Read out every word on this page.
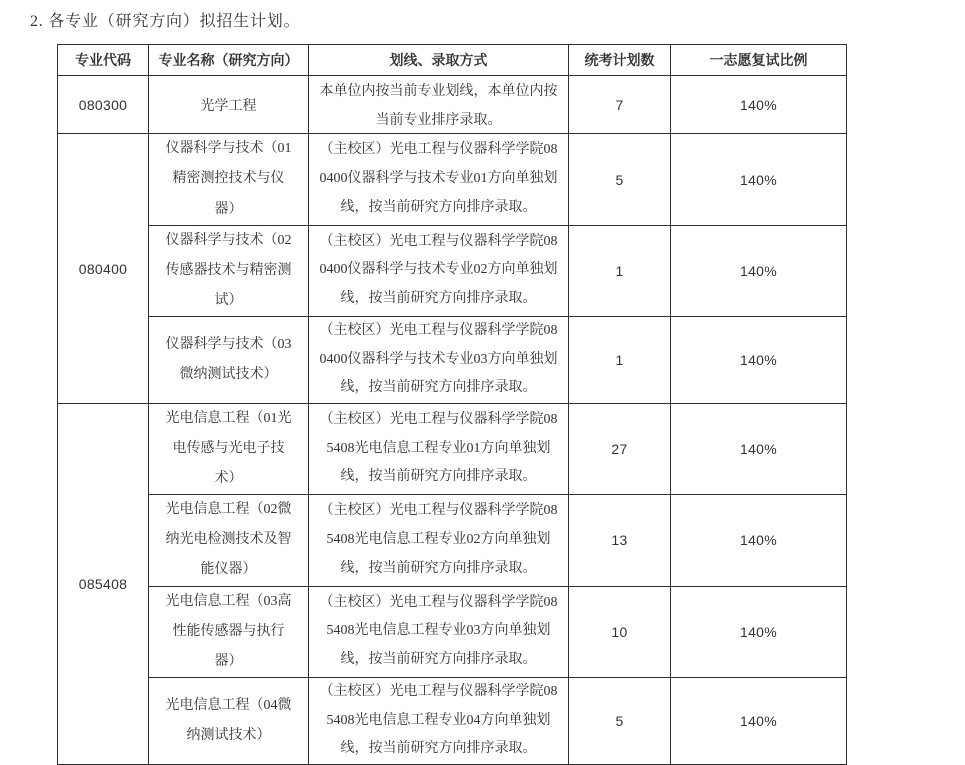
2. 各专业（研究方向）拟招生计划。
专业代码	专业名称（研究方向）	划线、录取方式	统考计划数	一志愿复试比例
080300	光学工程	本单位内按当前专业划线，本单位内按当前专业排序录取。	7	140%
080400	仪器科学与技术（01精密测控技术与仪器）	（主校区）光电工程与仪器科学学院080400仪器科学与技术专业01方向单独划线，按当前研究方向排序录取。	5	140%
	仪器科学与技术（02传感器技术与精密测试）	（主校区）光电工程与仪器科学学院080400仪器科学与技术专业02方向单独划线，按当前研究方向排序录取。	1	140%
	仪器科学与技术（03微纳测试技术）	（主校区）光电工程与仪器科学学院080400仪器科学与技术专业03方向单独划线，按当前研究方向排序录取。	1	140%
085408	光电信息工程（01光电传感与光电子技术）	（主校区）光电工程与仪器科学学院085408光电信息工程专业01方向单独划线，按当前研究方向排序录取。	27	140%
	光电信息工程（02微纳光电检测技术及智能仪器）	（主校区）光电工程与仪器科学学院085408光电信息工程专业02方向单独划线，按当前研究方向排序录取。	13	140%
	光电信息工程（03高性能传感器与执行器）	（主校区）光电工程与仪器科学学院085408光电信息工程专业03方向单独划线，按当前研究方向排序录取。	10	140%
	光电信息工程（04微纳测试技术）	（主校区）光电工程与仪器科学学院085408光电信息工程专业04方向单独划线，按当前研究方向排序录取。	5	140%
